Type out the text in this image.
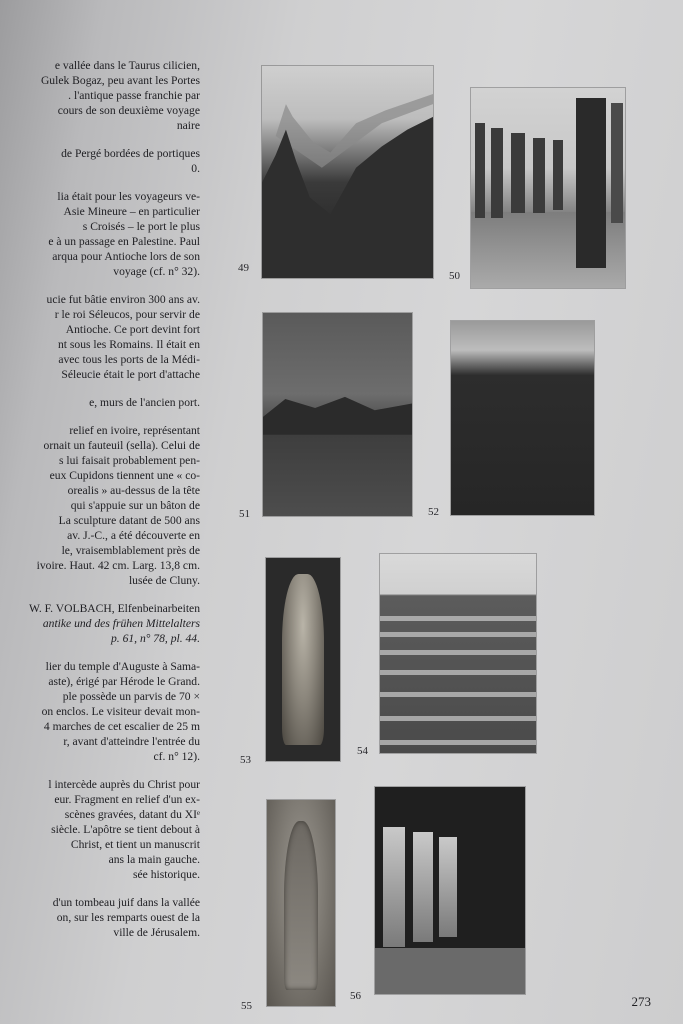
e vallée dans le Taurus cilicien,
Gulek Bogaz, peu avant les Portes
. l'antique passe franchie par
cours de son deuxième voyage
naire
de Pergé bordées de portiques
0.
lia était pour les voyageurs ve-
Asie Mineure – en particulier
s Croisés – le port le plus
e à un passage en Palestine. Paul
arqua pour Antioche lors de son
voyage (cf. n° 32).
ucie fut bâtie environ 300 ans av.
r le roi Séleucos, pour servir de
Antioche. Ce port devint fort
nt sous les Romains. Il était en
avec tous les ports de la Médi-
Séleucie était le port d'attache
e, murs de l'ancien port.
relief en ivoire, représentant
ornait un fauteuil (sella). Celui de
s lui faisait probablement pen-
eux Cupidons tiennent une « co-
orealis » au-dessus de la tête
qui s'appuie sur un bâton de
La sculpture datant de 500 ans
av. J.-C., a été découverte en
le, vraisemblablement près de
ivoire. Haut. 42 cm. Larg. 13,8 cm.
lusée de Cluny.
W. F. VOLBACH, Elfenbeinarbeiten
antike und des frühen Mittelalters
p. 61, n° 78, pl. 44.
lier du temple d'Auguste à Sama-
aste), érigé par Hérode le Grand.
ple possède un parvis de 70 ×
on enclos. Le visiteur devait mon-
4 marches de cet escalier de 25 m
r, avant d'atteindre l'entrée du
cf. n° 12).
l intercède auprès du Christ pour
eur. Fragment en relief d'un ex-
scènes gravées, datant du XIᵉ
siècle. L'apôtre se tient debout à
Christ, et tient un manuscrit
ans la main gauche.
sée historique.
d'un tombeau juif dans la vallée
on, sur les remparts ouest de la
ville de Jérusalem.
49
50
51	52
53
54
55
56	273
